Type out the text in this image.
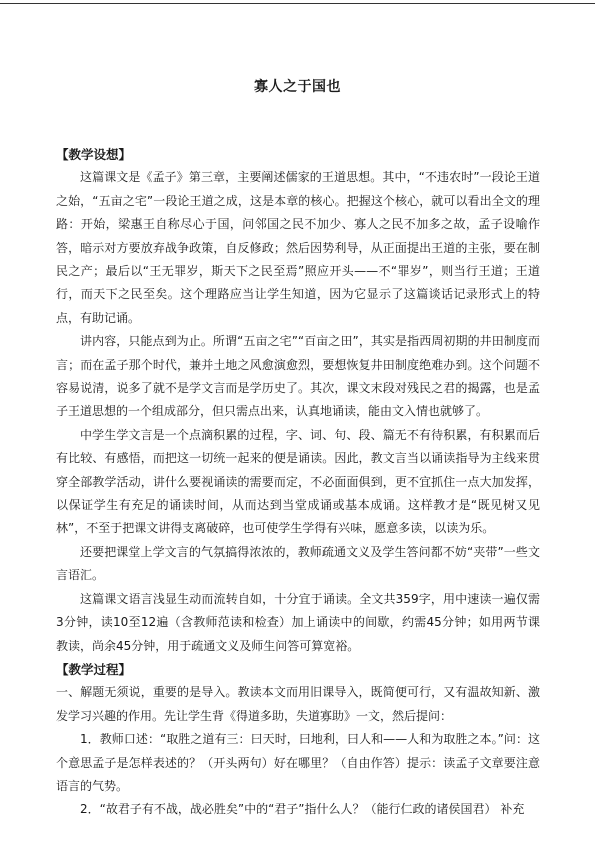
寡人之于国也

【教学设想】

这篇课文是《孟子》第三章，主要阐述儒家的王道思想。其中，“不违农时”一段论王道之始，“五亩之宅”一段论王道之成，这是本章的核心。把握这个核心，就可以看出全文的理路：开始，梁惠王自称尽心于国，问邻国之民不加少、寡人之民不加多之故，孟子设喻作答，暗示对方要放弃战争政策，自反修政；然后因势利导，从正面提出王道的主张，要在制民之产；最后以“王无罪岁，斯天下之民至焉”照应开头——不“罪岁”，则当行王道；王道行，而天下之民至矣。这个理路应当让学生知道，因为它显示了这篇谈话记录形式上的特点，有助记诵。

讲内容，只能点到为止。所谓“五亩之宅”“百亩之田”，其实是指西周初期的井田制度而言；而在孟子那个时代，兼并土地之风愈演愈烈，要想恢复井田制度绝难办到。这个问题不容易说清，说多了就不是学文言而是学历史了。其次，课文末段对残民之君的揭露，也是孟子王道思想的一个组成部分，但只需点出来，认真地诵读，能由文入情也就够了。

中学生学文言是一个点滴积累的过程，字、词、句、段、篇无不有待积累，有积累而后有比较、有感悟，而把这一切统一起来的便是诵读。因此，教文言当以诵读指导为主线来贯穿全部教学活动，讲什么要视诵读的需要而定，不必面面俱到，更不宜抓住一点大加发挥，以保证学生有充足的诵读时间，从而达到当堂成诵或基本成诵。这样教才是“既见树又见林”，不至于把课文讲得支离破碎，也可使学生学得有兴味，愿意多读，以读为乐。

还要把课堂上学文言的气氛搞得浓浓的，教师疏通文义及学生答问都不妨“夹带”一些文言语汇。

这篇课文语言浅显生动而流转自如，十分宜于诵读。全文共359字，用中速读一遍仅需3分钟，读10至12遍（含教师范读和检查）加上诵读中的间歇，约需45分钟；如用两节课教读，尚余45分钟，用于疏通文义及师生问答可算宽裕。

【教学过程】

一、解题无须说，重要的是导入。教读本文而用旧课导入，既简便可行，又有温故知新、激发学习兴趣的作用。先让学生背《得道多助，失道寡助》一文，然后提问：

1．教师口述：“取胜之道有三：曰天时，曰地利，曰人和——人和为取胜之本。”问：这个意思孟子是怎样表述的？（开头两句）好在哪里？（自由作答）提示：读孟子文章要注意语言的气势。

2．“故君子有不战，战必胜矣”中的“君子”指什么人？（能行仁政的诸侯国君） 补充
